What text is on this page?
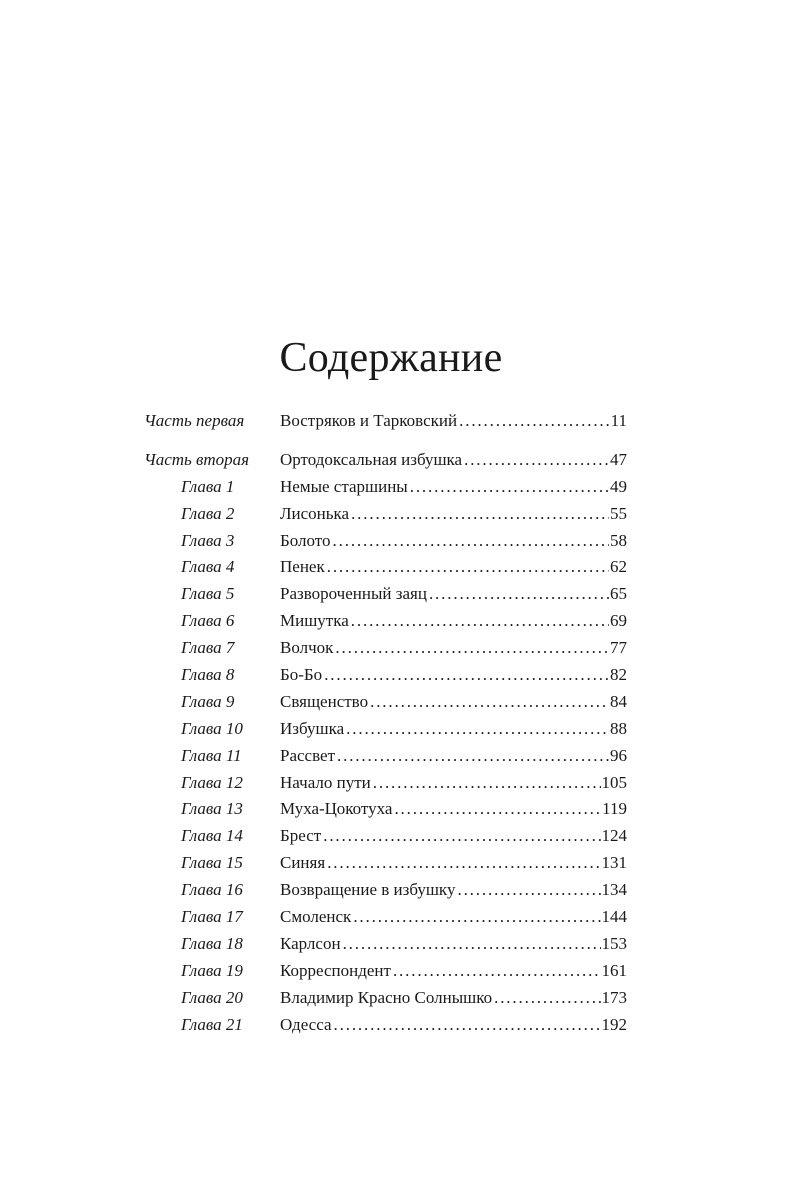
Содержание
Часть первая Востряков и Тарковский . . .	11
Часть вторая Ортодоксальная избушка . . .	47
Глава 1	Немые старшины . . .	49
Глава 2	Лисонька . . .	55
Глава 3	Болото . . .	58
Глава 4	Пенек . . .	62
Глава 5	Развороченный заяц . . .	65
Глава 6	Мишутка . . .	69
Глава 7	Волчок . . .	77
Глава 8	Бо-Бо . . .	82
Глава 9	Священство . . .	84
Глава 10 Избушка . . .	88
Глава 11 Рассвет . . .	96
Глава 12 Начало пути . . .	105
Глава 13 Муха-Цокотуха . . .	119
Глава 14 Брест . . .	124
Глава 15 Синяя . . .	131
Глава 16 Возвращение в избушку . . .	134
Глава 17 Смоленск . . .	144
Глава 18 Карлсон . . .	153
Глава 19 Корреспондент . . .	161
Глава 20 Владимир Красно Солнышко . . .	173
Глава 21 Одесса . . .	192
